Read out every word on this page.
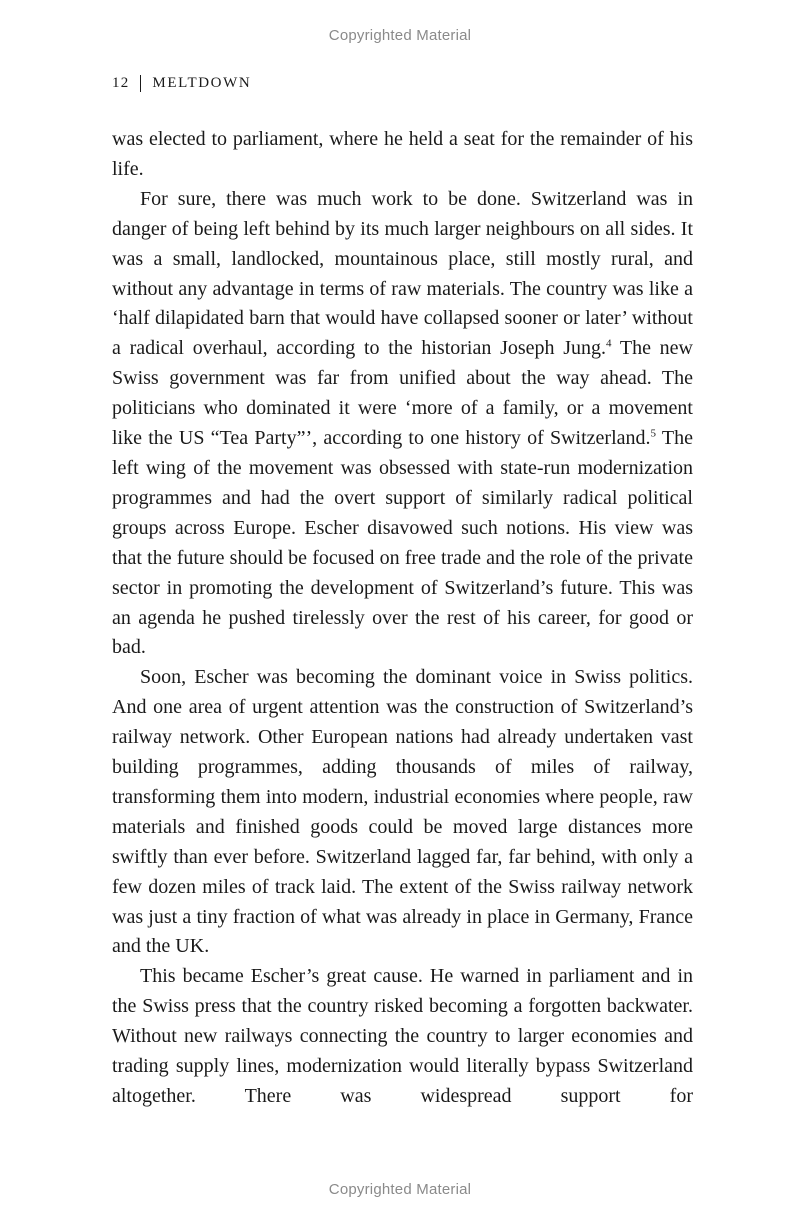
Copyrighted Material
12 MELTDOWN

was elected to parliament, where he held a seat for the remainder of his life.

For sure, there was much work to be done. Switzerland was in danger of being left behind by its much larger neighbours on all sides. It was a small, landlocked, mountainous place, still mostly rural, and without any advantage in terms of raw materials. The country was like a ‘half dilapidated barn that would have collapsed sooner or later’ without a radical overhaul, according to the historian Joseph Jung.$^4$ The new Swiss government was far from unified about the way ahead. The politicians who dominated it were ‘more of a family, or a movement like the US “Tea Party”’, according to one history of Switzerland.$^5$ The left wing of the movement was obsessed with state-run modernization programmes and had the overt support of similarly radical political groups across Europe. Escher disavowed such notions. His view was that the future should be focused on free trade and the role of the private sector in promoting the development of Switzerland’s future. This was an agenda he pushed tirelessly over the rest of his career, for good or bad.

Soon, Escher was becoming the dominant voice in Swiss politics. And one area of urgent attention was the construction of Switzerland’s railway network. Other European nations had already undertaken vast building programmes, adding thousands of miles of railway, transforming them into modern, industrial economies where people, raw materials and finished goods could be moved large distances more swiftly than ever before. Switzerland lagged far, far behind, with only a few dozen miles of track laid. The extent of the Swiss railway network was just a tiny fraction of what was already in place in Germany, France and the UK.

This became Escher’s great cause. He warned in parliament and in the Swiss press that the country risked becoming a forgotten backwater. Without new railways connecting the country to larger economies and trading supply lines, modernization would literally bypass Switzerland altogether. There was widespread support for

Copyrighted Material
